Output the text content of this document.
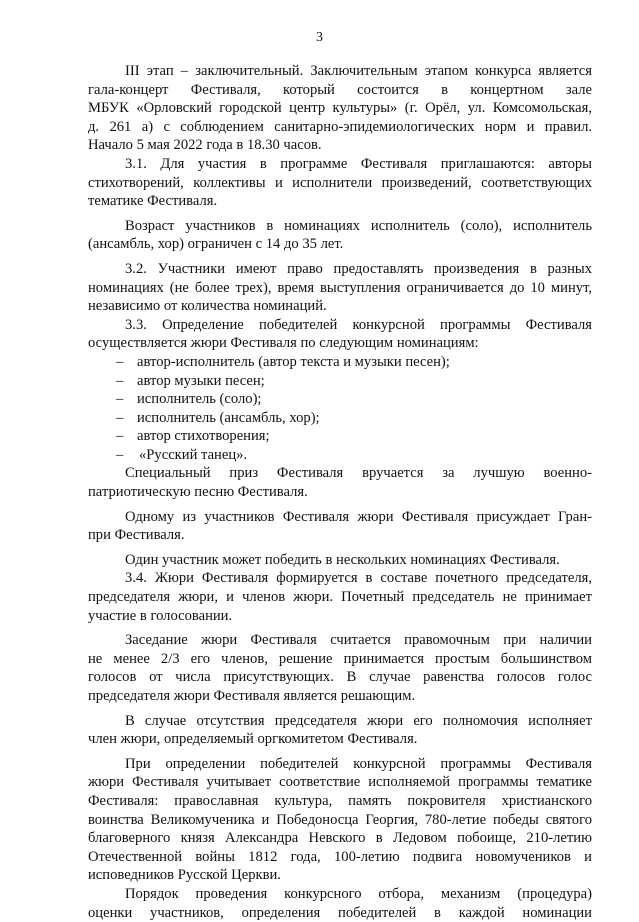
3
III этап – заключительный. Заключительным этапом конкурса является
гала-концерт Фестиваля, который состоится в концертном зале
МБУК «Орловский городской центр культуры» (г. Орёл, ул. Комсомольская,
д. 261 а) с соблюдением санитарно-эпидемиологических норм и правил.
Начало 5 мая 2022 года в 18.30 часов.
3.1. Для участия в программе Фестиваля приглашаются: авторы
стихотворений, коллективы и исполнители произведений, соответствующих
тематике Фестиваля.
Возраст участников в номинациях исполнитель (соло), исполнитель
(ансамбль, хор) ограничен с 14 до 35 лет.
3.2. Участники имеют право предоставлять произведения в разных
номинациях (не более трех), время выступления ограничивается до 10 минут,
независимо от количества номинаций.
3.3. Определение победителей конкурсной программы Фестиваля
осуществляется жюри Фестиваля по следующим номинациям:
– автор-исполнитель (автор текста и музыки песен);
– автор музыки песен;
– исполнитель (соло);
– исполнитель (ансамбль, хор);
– автор стихотворения;
– «Русский танец».
Специальный приз Фестиваля вручается за лучшую военно-
патриотическую песню Фестиваля.
Одному из участников Фестиваля жюри Фестиваля присуждает Гран-
при Фестиваля.
Один участник может победить в нескольких номинациях Фестиваля.
3.4. Жюри Фестиваля формируется в составе почетного председателя,
председателя жюри, и членов жюри. Почетный председатель не принимает
участие в голосовании.
Заседание жюри Фестиваля считается правомочным при наличии
не менее 2/3 его членов, решение принимается простым большинством
голосов от числа присутствующих. В случае равенства голосов голос
председателя жюри Фестиваля является решающим.
В случае отсутствия председателя жюри его полномочия исполняет
член жюри, определяемый оргкомитетом Фестиваля.
При определении победителей конкурсной программы Фестиваля
жюри Фестиваля учитывает соответствие исполняемой программы тематике
Фестиваля: православная культура, память покровителя христианского
воинства Великомученика и Победоносца Георгия, 780-летие победы святого
благоверного князя Александра Невского в Ледовом побоище, 210-летию
Отечественной войны 1812 года, 100-летию подвига новомучеников и
исповедников Русской Церкви.
Порядок проведения конкурсного отбора, механизм (процедура)
оценки участников, определения победителей в каждой номинации
